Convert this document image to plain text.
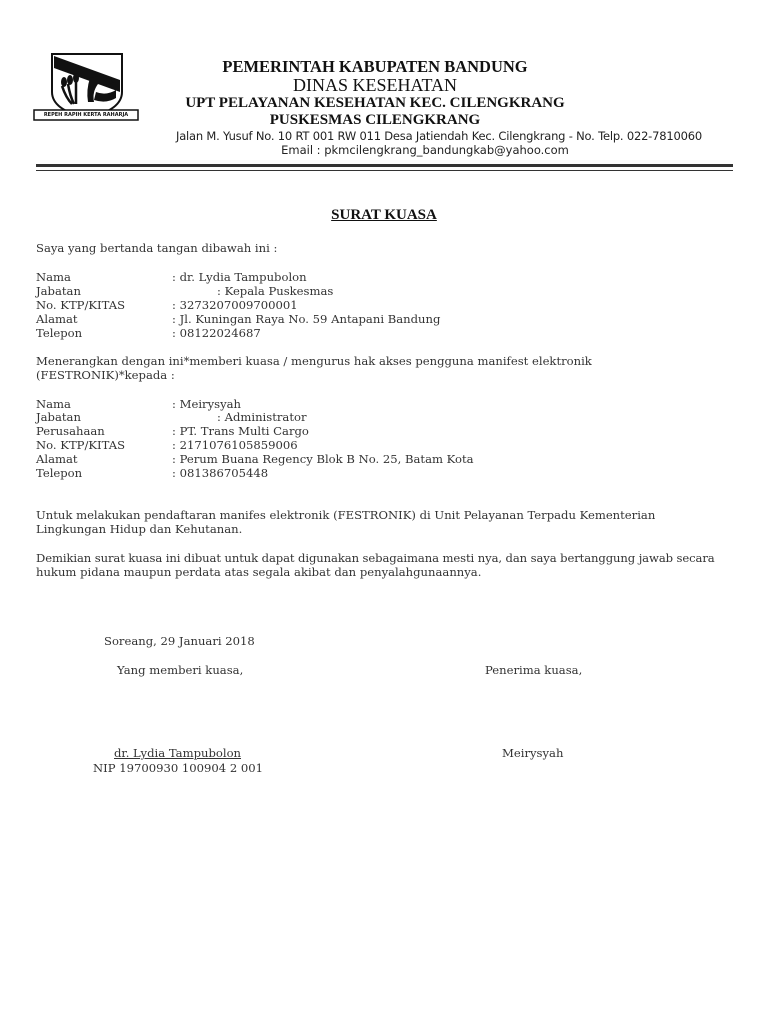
REPEH RAPIH KERTA RAHARJA
PEMERINTAH KABUPATEN BANDUNG
DINAS KESEHATAN
UPT PELAYANAN KESEHATAN KEC. CILENGKRANG
PUSKESMAS CILENGKRANG
Jalan M. Yusuf No. 10 RT 001 RW 011 Desa Jatiendah Kec. Cilengkrang - No. Telp. 022-7810060
Email : pkmcilengkrang_bandungkab@yahoo.com
SURAT KUASA
Saya yang bertanda tangan dibawah ini :
Nama	: dr. Lydia Tampubolon
Jabatan	: Kepala Puskesmas
No. KTP/KITAS	: 3273207009700001
Alamat	: Jl. Kuningan Raya No. 59 Antapani Bandung
Telepon	: 08122024687
Menerangkan dengan ini*memberi kuasa / mengurus hak akses pengguna manifest elektronik
(FESTRONIK)*kepada :
Nama	: Meirysyah
Jabatan	: Administrator
Perusahaan	: PT. Trans Multi Cargo
No. KTP/KITAS	: 2171076105859006
Alamat	: Perum Buana Regency Blok B No. 25, Batam Kota
Telepon	: 081386705448
Untuk melakukan pendaftaran manifes elektronik (FESTRONIK) di Unit Pelayanan Terpadu Kementerian
Lingkungan Hidup dan Kehutanan.
Demikian surat kuasa ini dibuat untuk dapat digunakan sebagaimana mesti nya, dan saya bertanggung jawab secara
hukum pidana maupun perdata atas segala akibat dan penyalahgunaannya.
Soreang, 29 Januari 2018
Yang memberi kuasa,	Penerima kuasa,
dr. Lydia Tampubolon
NIP 19700930 100904 2 001
Meirysyah
